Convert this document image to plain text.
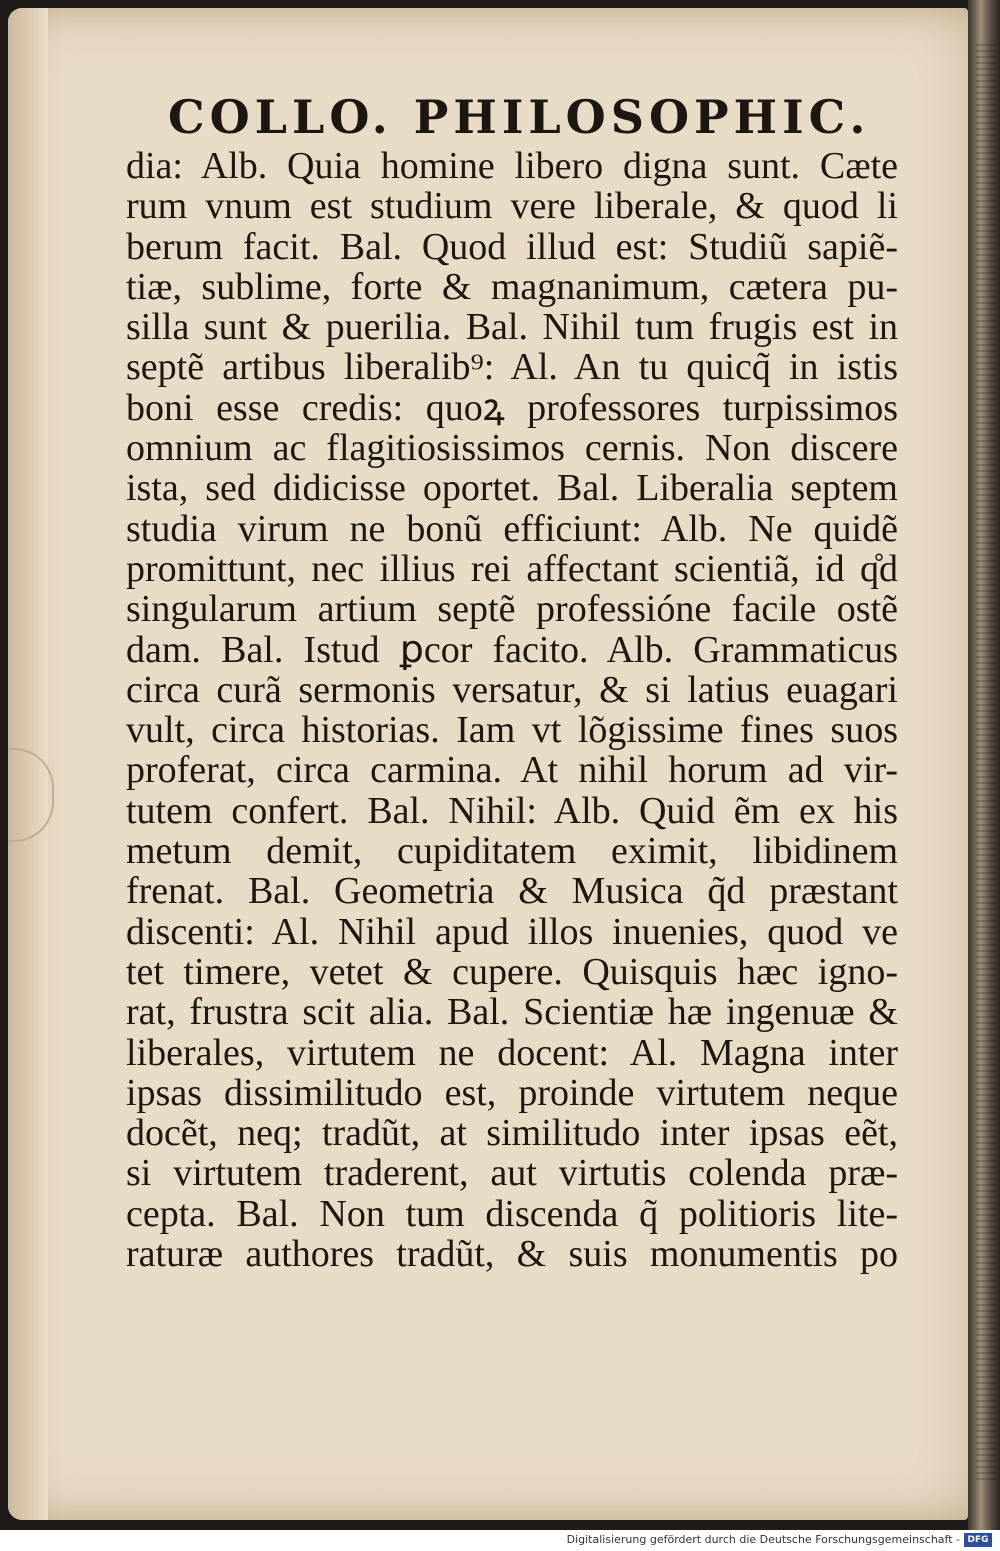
COLLO. PHILOSOPHIC.
dia: Alb. Quia homine libero digna sunt. Cæte
rum vnum est studium vere liberale, & quod li
berum facit. Bal. Quod illud est: Studiũ sapiẽ-
tiæ, sublime, forte & magnanimum, cætera pu-
silla sunt & puerilia. Bal. Nihil tum frugis est in
septẽ artibus liberalib⁹: Al. An tu quicq̃ in istis
boni esse credis: quoꝝ professores turpissimos
omnium ac flagitiosissimos cernis. Non discere
ista, sed didicisse oportet. Bal. Liberalia septem
studia virum ne bonũ efficiunt: Alb. Ne quidẽ
promittunt, nec illius rei affectant scientiã, id q̊d
singularum artium septẽ professióne facile ostẽ
dam. Bal. Istud ꝑcor facito. Alb. Grammaticus
circa curã sermonis versatur, & si latius euagari
vult, circa historias. Iam vt lõgissime fines suos
proferat, circa carmina. At nihil horum ad vir-
tutem confert. Bal. Nihil: Alb. Quid ẽm ex his
metum demit, cupiditatem eximit, libidinem
frenat. Bal. Geometria & Musica q̃d præstant
discenti: Al. Nihil apud illos inuenies, quod ve
tet timere, vetet & cupere. Quisquis hæc igno-
rat, frustra scit alia. Bal. Scientiæ hæ ingenuæ &
liberales, virtutem ne docent: Al. Magna inter
ipsas dissimilitudo est, proinde virtutem neque
docẽt, neq; tradũt, at similitudo inter ipsas eẽt,
si virtutem traderent, aut virtutis colenda præ-
cepta. Bal. Non tum discenda q̃ politioris lite-
raturæ authores tradũt, & suis monumentis po
Digitalisierung gefördert durch die Deutsche Forschungsgemeinschaft - DFG
